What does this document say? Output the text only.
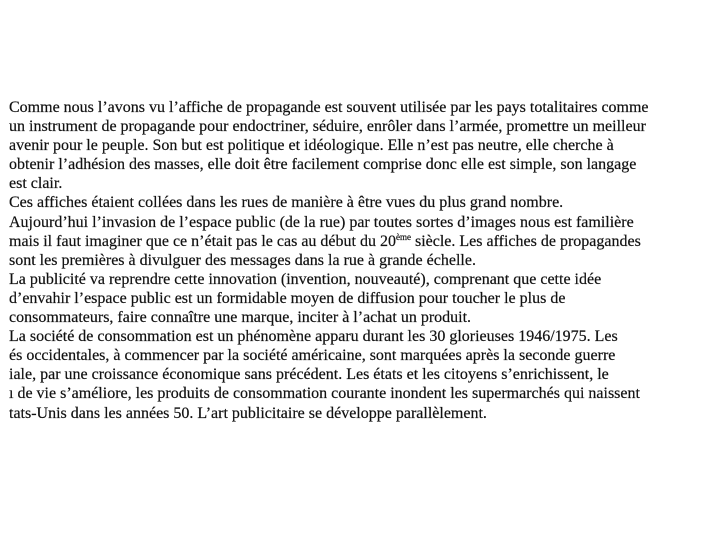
Comme nous l’avons vu l’affiche de propagande est souvent utilisée par les pays totalitaires comme
un instrument de propagande pour endoctriner, séduire, enrôler dans l’armée, promettre un meilleur
avenir pour le peuple. Son but est politique et idéologique. Elle n’est pas neutre, elle cherche à
obtenir l’adhésion des masses, elle doit être facilement comprise donc elle est simple, son langage
est clair.
Ces affiches étaient collées dans les rues de manière à être vues du plus grand nombre.
Aujourd’hui l’invasion de l’espace public (de la rue) par toutes sortes d’images nous est familière
mais il faut imaginer que ce n’était pas le cas au début du 20ème siècle. Les affiches de propagandes
sont les premières à divulguer des messages dans la rue à grande échelle.
La publicité va reprendre cette innovation (invention, nouveauté), comprenant que cette idée
d’envahir l’espace public est un formidable moyen de diffusion pour toucher le plus de
consommateurs, faire connaître une marque, inciter à l’achat un produit.
La société de consommation est un phénomène apparu durant les 30 glorieuses 1946/1975. Les
és occidentales, à commencer par la société américaine, sont marquées après la seconde guerre
iale, par une croissance économique sans précédent. Les états et les citoyens s’enrichissent, le
ı de vie s’améliore, les produits de consommation courante inondent les supermarchés qui naissent
tats-Unis dans les années 50. L’art publicitaire se développe parallèlement.
